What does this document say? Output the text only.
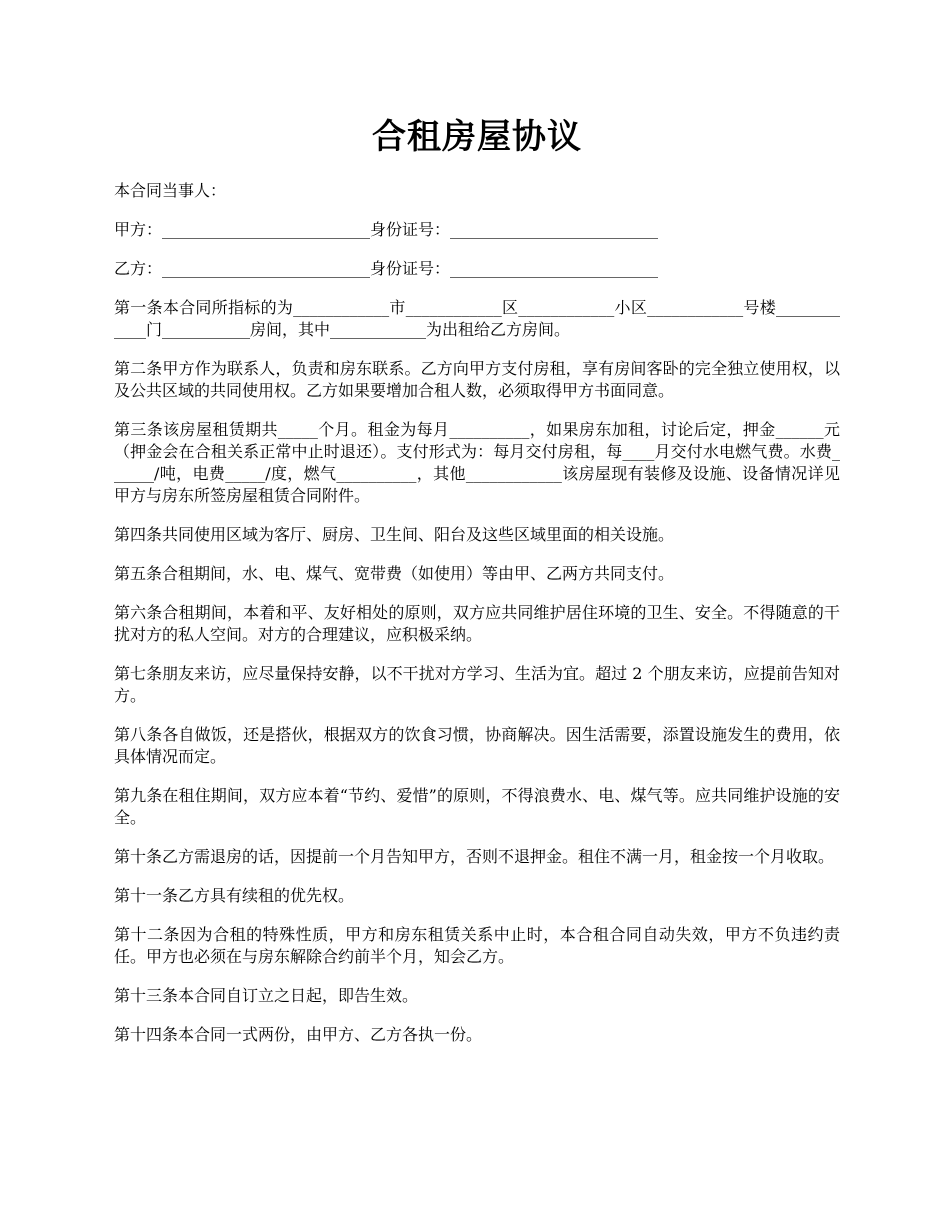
合租房屋协议

本合同当事人：

甲方：__________________________身份证号：__________________________

乙方：__________________________身份证号：__________________________

第一条本合同所指标的为____________市____________区____________小区____________号楼____________门___________房间，其中____________为出租给乙方房间。

第二条甲方作为联系人，负责和房东联系。乙方向甲方支付房租，享有房间客卧的完全独立使用权，以及公共区域的共同使用权。乙方如果要增加合租人数，必须取得甲方书面同意。

第三条该房屋租赁期共_____个月。租金为每月__________，如果房东加租，讨论后定，押金______元（押金会在合租关系正常中止时退还）。支付形式为：每月交付房租，每____月交付水电燃气费。水费______/吨，电费_____/度，燃气__________，其他____________该房屋现有装修及设施、设备情况详见甲方与房东所签房屋租赁合同附件。

第四条共同使用区域为客厅、厨房、卫生间、阳台及这些区域里面的相关设施。

第五条合租期间，水、电、煤气、宽带费（如使用）等由甲、乙两方共同支付。

第六条合租期间，本着和平、友好相处的原则，双方应共同维护居住环境的卫生、安全。不得随意的干扰对方的私人空间。对方的合理建议，应积极采纳。

第七条朋友来访，应尽量保持安静，以不干扰对方学习、生活为宜。超过 2 个朋友来访，应提前告知对方。

第八条各自做饭，还是搭伙，根据双方的饮食习惯，协商解决。因生活需要，添置设施发生的费用，依具体情况而定。

第九条在租住期间，双方应本着“节约、爱惜”的原则，不得浪费水、电、煤气等。应共同维护设施的安全。

第十条乙方需退房的话，因提前一个月告知甲方，否则不退押金。租住不满一月，租金按一个月收取。

第十一条乙方具有续租的优先权。

第十二条因为合租的特殊性质，甲方和房东租赁关系中止时，本合租合同自动失效，甲方不负违约责任。甲方也必须在与房东解除合约前半个月，知会乙方。

第十三条本合同自订立之日起，即告生效。

第十四条本合同一式两份，由甲方、乙方各执一份。
